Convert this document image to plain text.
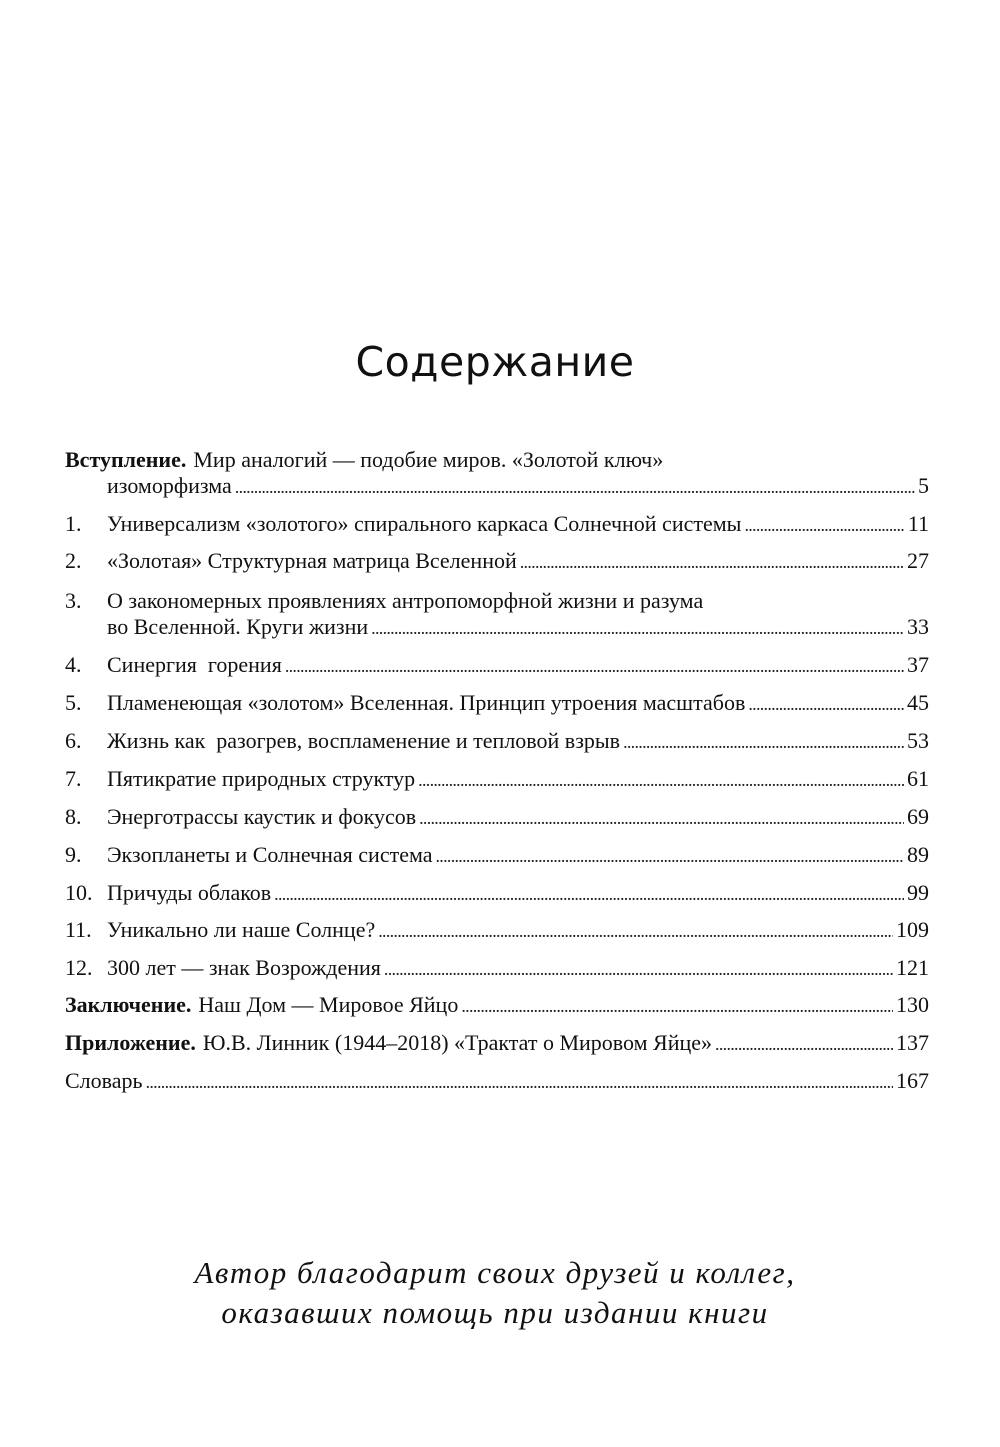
Содержание
Вступление. Мир аналогий — подобие миров. «Золотой ключ»
изоморфизма . . .	5
1.	Универсализм «золотого» спирального каркаса Солнечной системы . . .	11
2.	«Золотая» Структурная матрица Вселенной . . .	27
3.	О закономерных проявлениях антропоморфной жизни и разума
во Вселенной. Круги жизни . . .	33
4.	Синергия  горения . . .	37
5.	Пламенеющая «золотом» Вселенная. Принцип утроения масштабов . . .	45
6.	Жизнь как  разогрев, воспламенение и тепловой взрыв . . .	53
7.	Пятикратие природных структур . . .	61
8.	Энерготрассы каустик и фокусов . . .	69
9.	Экзопланеты и Солнечная система . . .	89
10. Причуды облаков . . .	99
11. Уникально ли наше Солнце? . . .	109
12. 300 лет — знак Возрождения . . .	121
Заключение. Наш Дом — Мировое Яйцо . . .	130
Приложение. Ю.В. Линник (1944–2018) «Трактат о Мировом Яйце» . . .	137
Словарь . . .	167
Автор благодарит своих друзей и коллег,
оказавших помощь при издании книги
